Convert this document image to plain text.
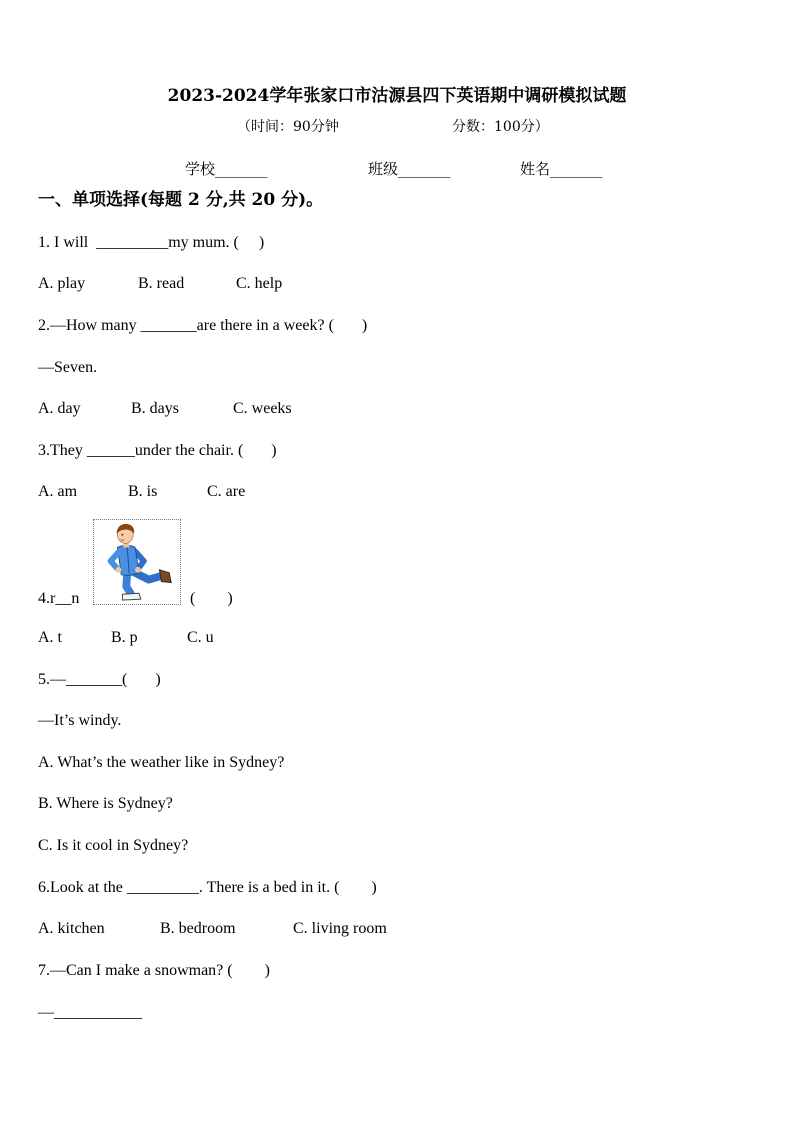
2023-2024学年张家口市沽源县四下英语期中调研模拟试题
（时间：90分钟	分数：100分）
学校_______	班级_______	姓名_______
一、单项选择(每题 2 分,共 20 分)。
1. I will  _________my mum. (     )
A. play	B. read	C. help
2.—How many _______are there in a week? (       )
—Seven.
A. day	B. days	C. weeks
3.They ______under the chair. (       )
A. am	B. is	C. are
4.r__n	(        )
A. t	B. p	C. u
5.—_______(       )
—It’s windy.
A. What’s the weather like in Sydney?
B. Where is Sydney?
C. Is it cool in Sydney?
6.Look at the _________. There is a bed in it. (        )
A. kitchen	B. bedroom	C. living room
7.—Can I make a snowman? (        )
—___________
